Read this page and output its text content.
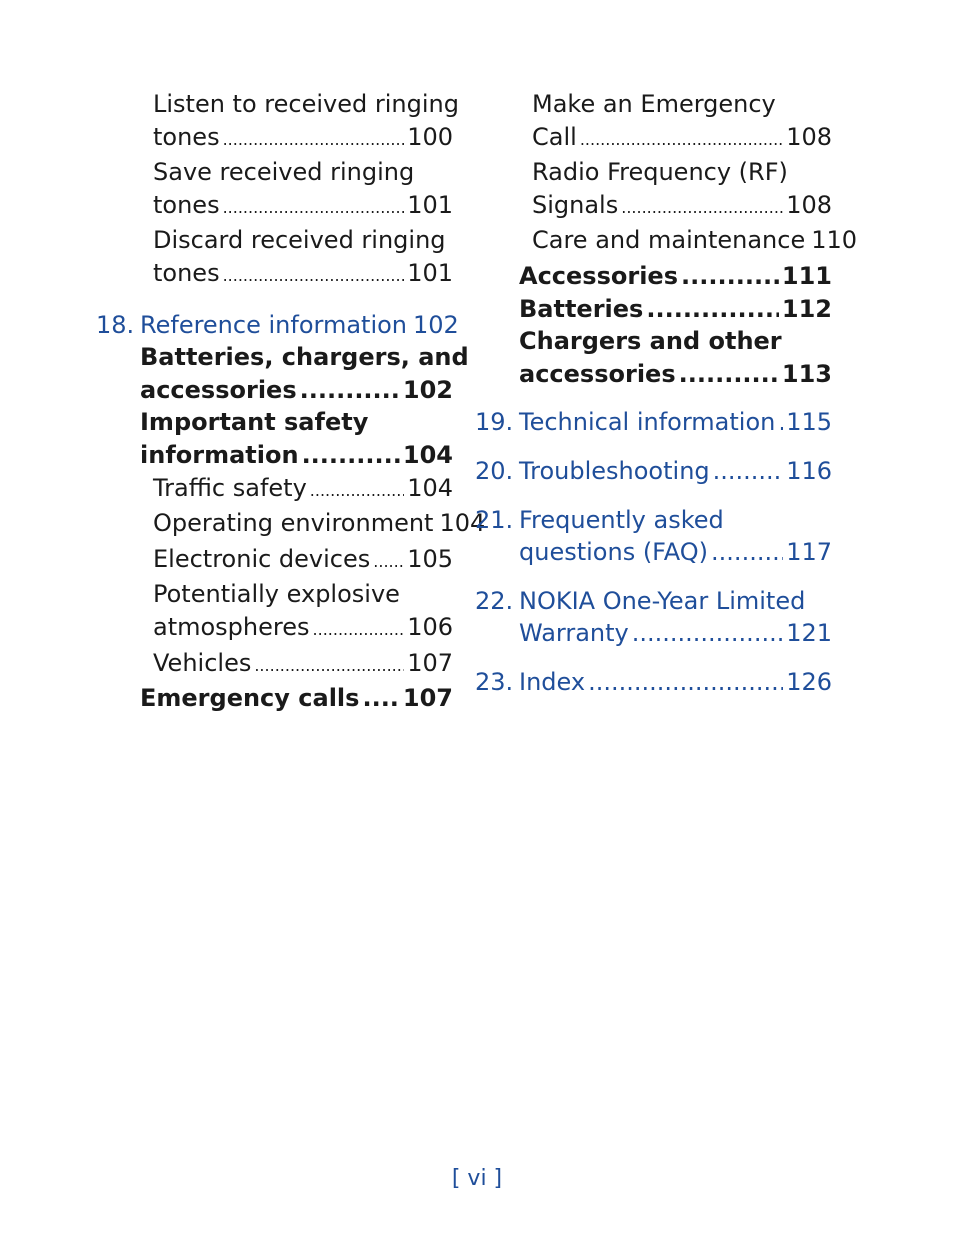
Listen to received ringing
tones .....	100
Save received ringing
tones .....	101
Discard received ringing
tones .....	101
18. Reference information 102
Batteries, chargers, and
accessories .....	102
Important safety
information .....	104
Traffic safety .....	104
Operating environment 104
Electronic devices ..... 105
Potentially explosive
atmospheres .....	106
Vehicles .....	107
Emergency calls ..... 107
Make an Emergency
Call .....	108
Radio Frequency (RF)
Signals .....	108
Care and maintenance 110
Accessories .....	111
Batteries .....	112
Chargers and other
accessories .....	113
19. Technical information ..... 115
20. Troubleshooting .....	116
21. Frequently asked
questions (FAQ) .....	117
22. NOKIA One-Year Limited
Warranty .....	121
23. Index .....	126
[ vi ]
